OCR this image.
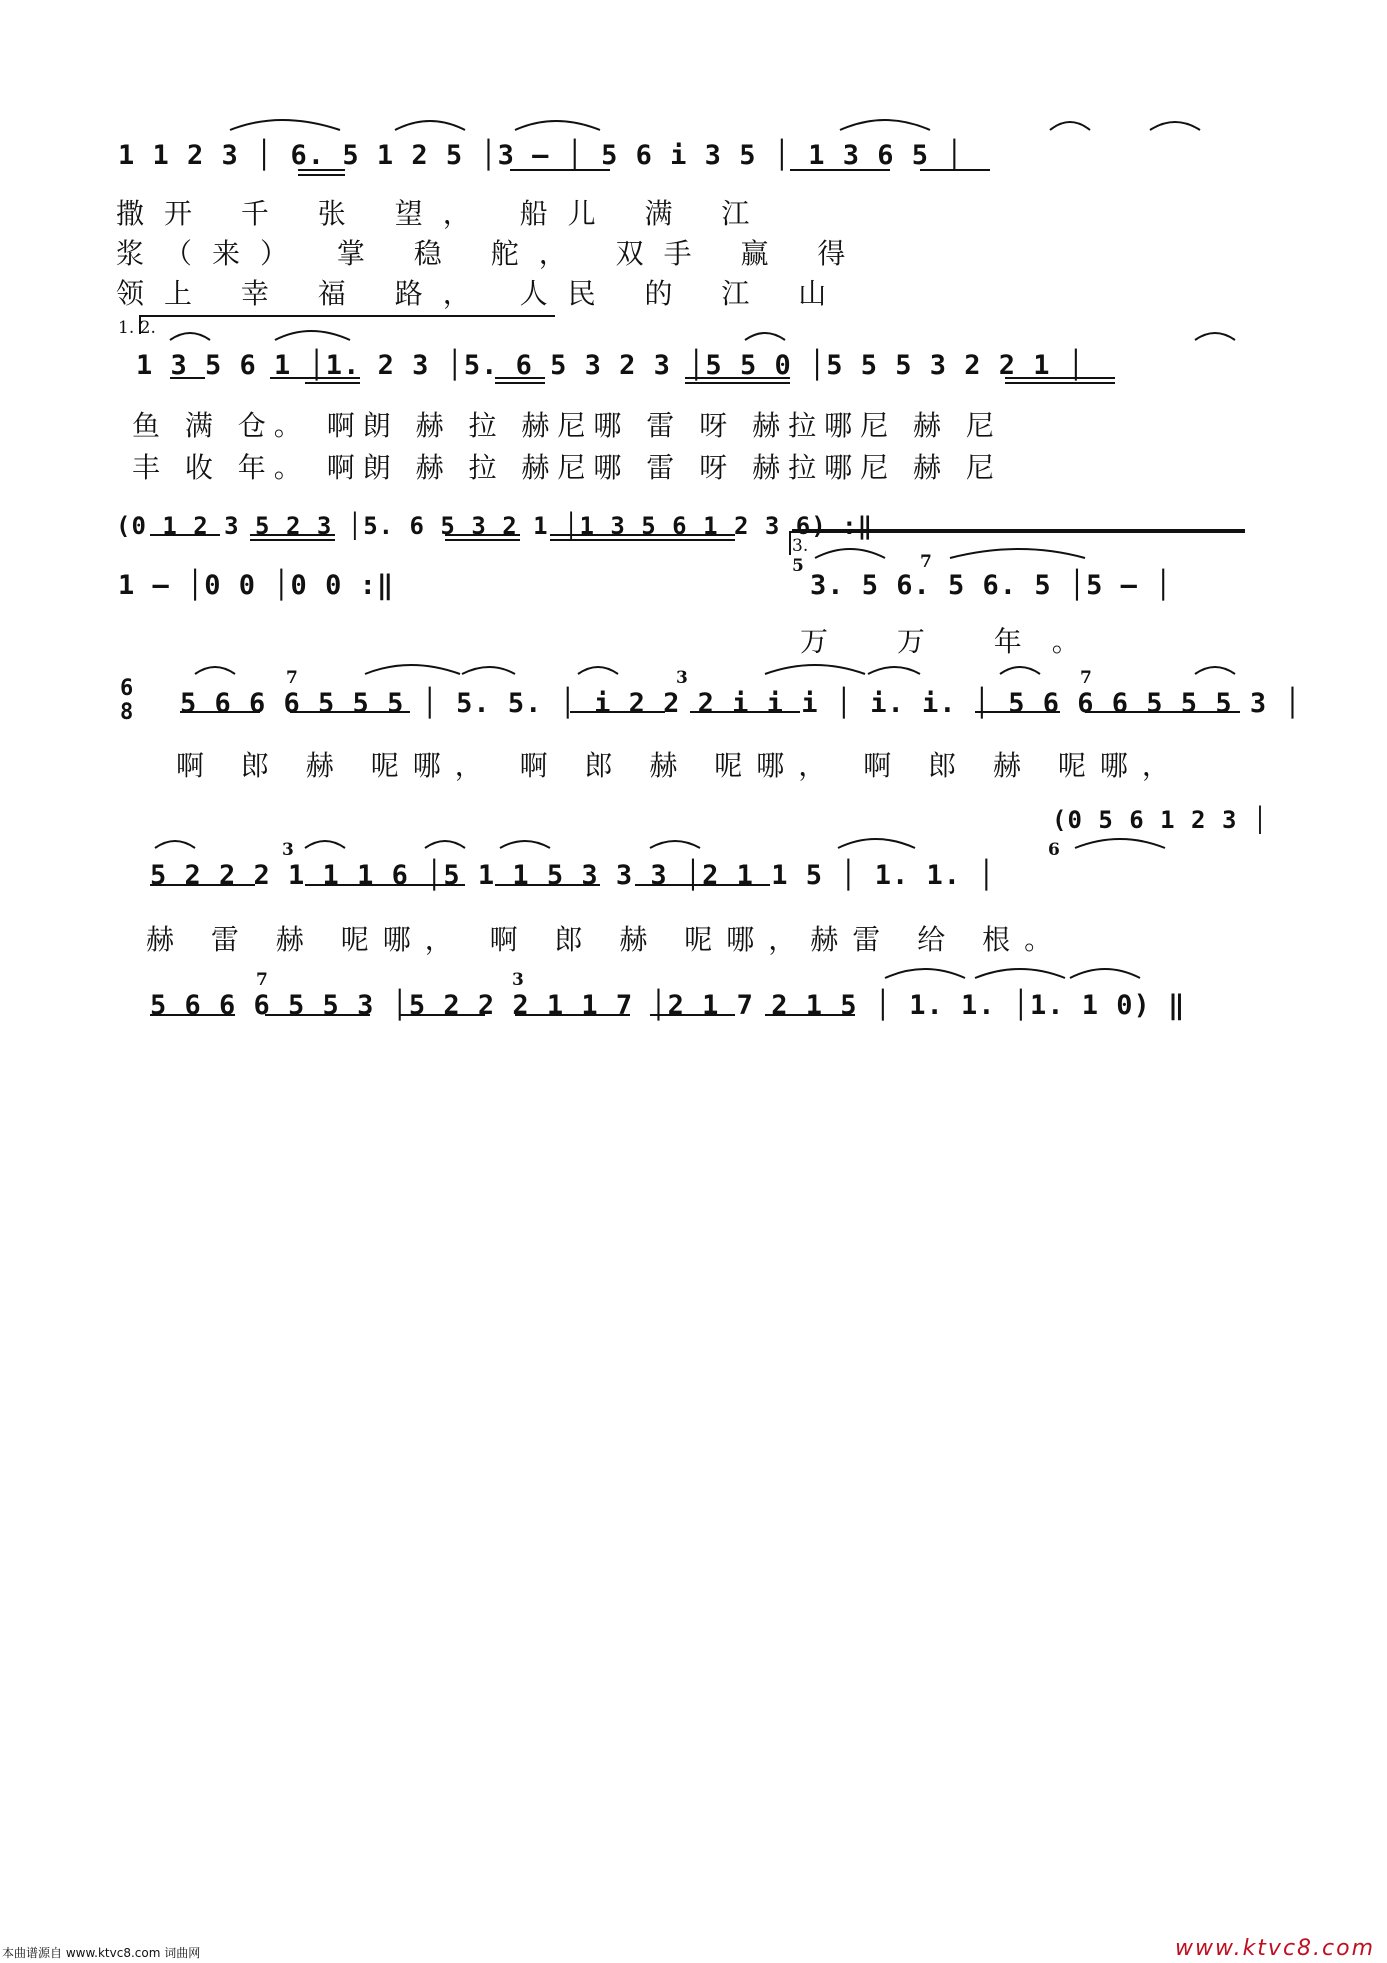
1 1 2 3 │ 6. 5 1 2 5 │3 – │ 5 6 i 3 5 │ 1 3 6 5 │
撒开 千 张 望， 船儿 满 江
浆（来） 掌 稳 舵， 双手 赢 得
领上 幸 福 路， 人民 的 江 山
1. 2.
1 3 5 6 1 │1. 2 3 │5. 6 5 3 2 3 │5 5 0 │5 5 5 3 2 2 1 │
鱼 满 仓。 啊朗 赫 拉 赫尼哪 雷 呀 赫拉哪尼 赫 尼
丰 收 年。 啊朗 赫 拉 赫尼哪 雷 呀 赫拉哪尼 赫 尼
(0 1 2 3 5 2 3 │5. 6 5 3 2 1 │1 3 5 6 1 2 3 6) :‖
1 – │0 0 │0 0 :‖
3.
5	7
3. 5 6. 5 6. 5 │5 – │
万 万 年。
6
8
7	3	7
5 6 6 6 5 5 5 │ 5. 5. │ i 2 2 2 i i i │ i. i. │ 5 6 6 6 5 5 5 3 │
啊 郎 赫 呢哪， 啊 郎 赫 呢哪， 啊 郎 赫 呢哪，
(0 5 6 1 2 3 │
3	6
5 2 2 2 1 1 1 6 │5 1 1 5 3 3 3 │2 1 1 5 │ 1. 1. │
赫 雷 赫 呢哪， 啊 郎 赫 呢哪，赫雷 给 根。
7	3
5 6 6 6 5 5 3 │5 2 2 2 1 1 7 │2 1 7 2 1 5 │ 1. 1. │1. 1 0) ‖
本曲谱源自 www.ktvc8.com 词曲网	www.ktvc8.com
